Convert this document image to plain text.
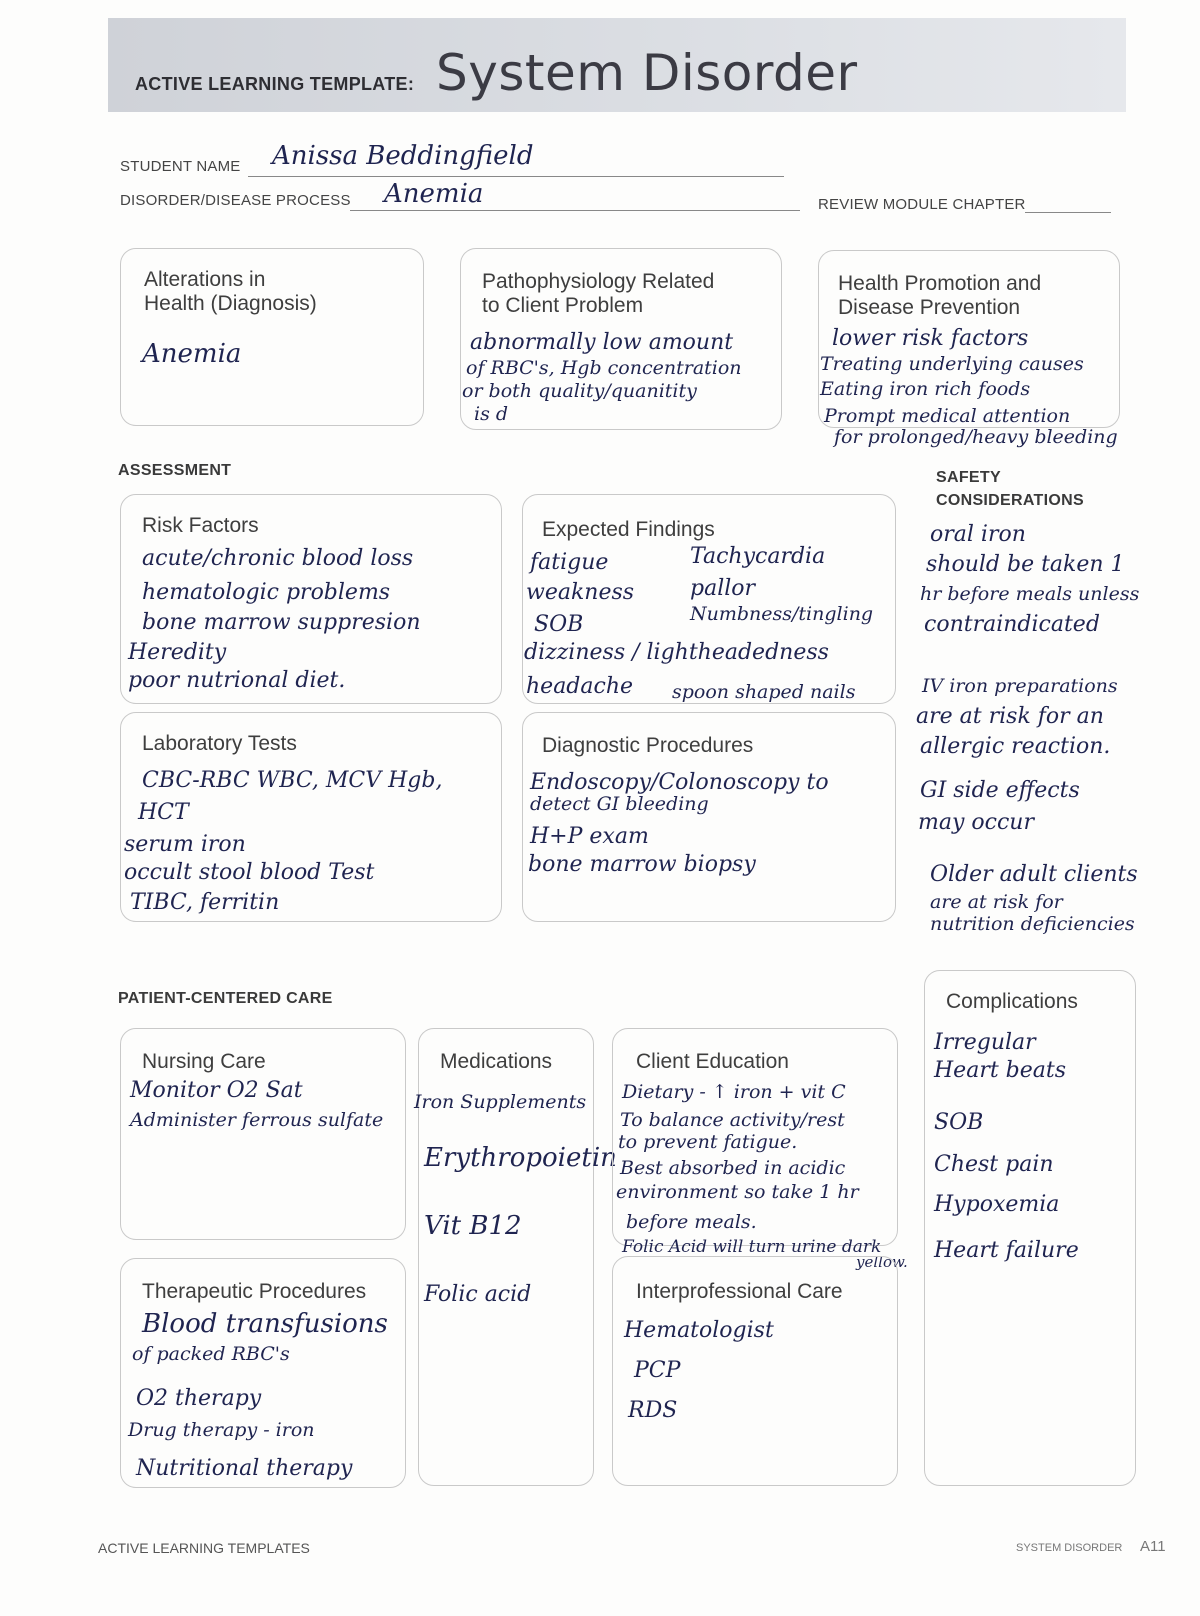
ACTIVE LEARNING TEMPLATE: System Disorder
STUDENT NAME Anissa Beddingfield
DISORDER/DISEASE PROCESS Anemia	REVIEW MODULE CHAPTER
Alterations in
Health (Diagnosis)
Anemia
Pathophysiology Related
to Client Problem
abnormally low amount
of RBC's, Hgb concentration
or both quality/quanitity
is d
Health Promotion and
Disease Prevention
lower risk factors
Treating underlying causes
Eating iron rich foods
Prompt medical attention
for prolonged/heavy bleeding
ASSESSMENT
Risk Factors
acute/chronic blood loss
hematologic problems
bone marrow suppresion
Heredity
poor nutrional diet.
Expected Findings
fatigue	Tachycardia
weakness	pallor
Numbness/tingling
SOB
dizziness / lightheadedness
headache spoon shaped nails
Laboratory Tests
CBC-RBC WBC, MCV Hgb,
HCT
serum iron
occult stool blood Test
TIBC, ferritin
Diagnostic Procedures
Endoscopy/Colonoscopy to
detect GI bleeding
H+P exam
bone marrow biopsy
SAFETY
CONSIDERATIONS
oral iron
should be taken 1
hr before meals unless
contraindicated
IV iron preparations
are at risk for an
allergic reaction.
GI side effects
may occur
Older adult clients
are at risk for
nutrition deficiencies
PATIENT-CENTERED CARE
Nursing Care
Monitor O2 Sat
Administer ferrous sulfate
Medications
Iron Supplements
Erythropoietin
Vit B12
Folic acid
Client Education
Dietary - ↑ iron + vit C
To balance activity/rest
to prevent fatigue.
Best absorbed in acidic
environment so take 1 hr
before meals.
Folic Acid will turn urine dark
yellow.
Complications
Irregular
Heart beats
SOB
Chest pain
Hypoxemia
Heart failure
Therapeutic Procedures
Blood transfusions
of packed RBC's
O2 therapy
Drug therapy - iron
Nutritional therapy
Interprofessional Care
Hematologist
PCP
RDS
ACTIVE LEARNING TEMPLATES	SYSTEM DISORDER A11
